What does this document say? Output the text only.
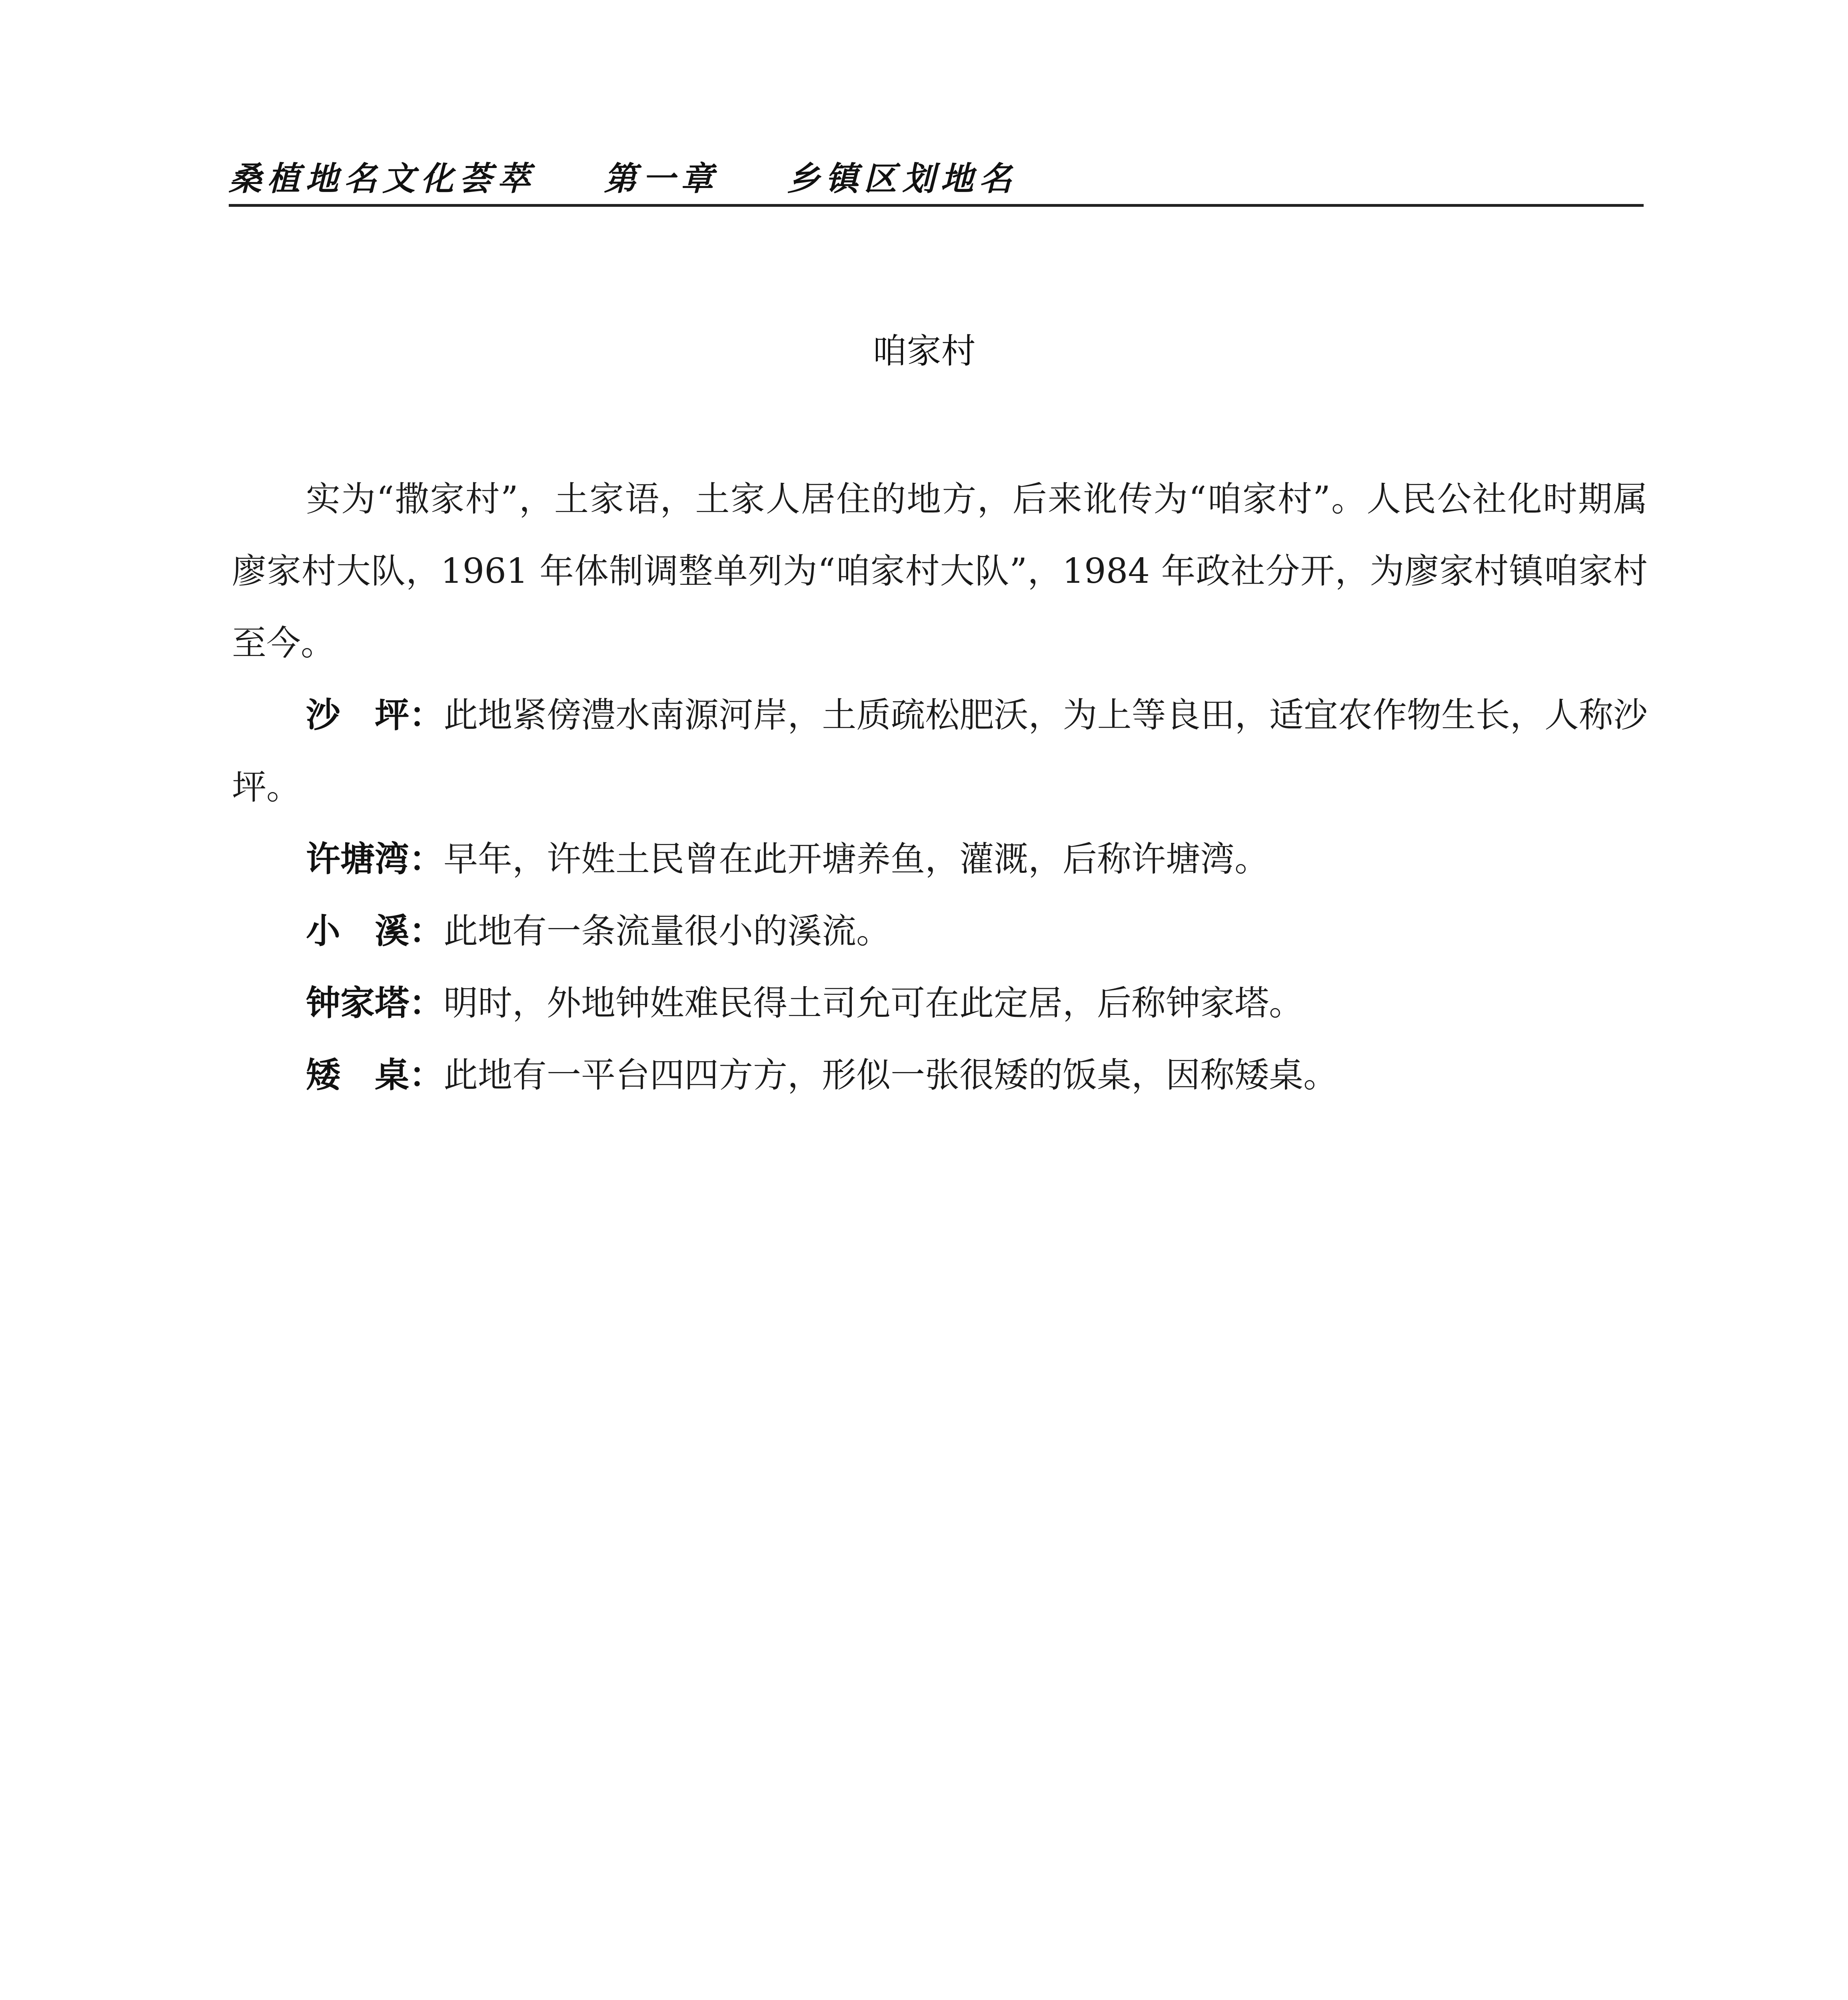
桑植地名文化荟萃 第一章 乡镇区划地名
咱家村

实为“撒家村”，土家语，土家人居住的地方，后来讹传为“咱家村”。人民公社化时期属廖家村大队，1961 年体制调整单列为“咱家村大队”，1984 年政社分开，为廖家村镇咱家村至今。

沙　坪：此地紧傍澧水南源河岸，土质疏松肥沃，为上等良田，适宜农作物生长，人称沙坪。

许塘湾：早年，许姓土民曾在此开塘养鱼，灌溉，后称许塘湾。

小　溪：此地有一条流量很小的溪流。

钟家塔：明时，外地钟姓难民得土司允可在此定居，后称钟家塔。

矮　桌：此地有一平台四四方方，形似一张很矮的饭桌，因称矮桌。
